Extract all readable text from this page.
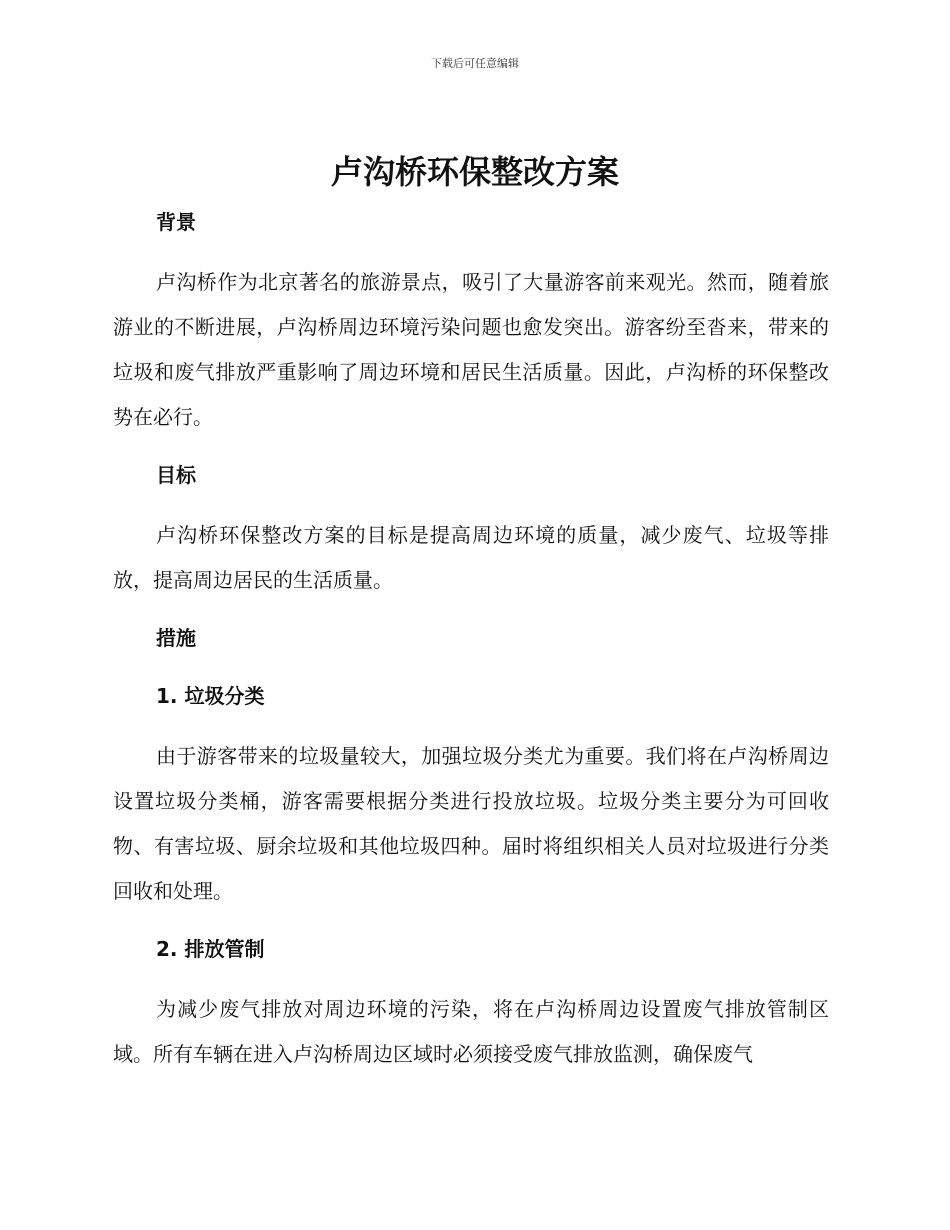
下载后可任意编辑
卢沟桥环保整改方案
背景

卢沟桥作为北京著名的旅游景点，吸引了大量游客前来观光。然而，随着旅游业的不断进展，卢沟桥周边环境污染问题也愈发突出。游客纷至沓来，带来的垃圾和废气排放严重影响了周边环境和居民生活质量。因此，卢沟桥的环保整改势在必行。

目标

卢沟桥环保整改方案的目标是提高周边环境的质量，减少废气、垃圾等排放，提高周边居民的生活质量。

措施
1. 垃圾分类

由于游客带来的垃圾量较大，加强垃圾分类尤为重要。我们将在卢沟桥周边设置垃圾分类桶，游客需要根据分类进行投放垃圾。垃圾分类主要分为可回收物、有害垃圾、厨余垃圾和其他垃圾四种。届时将组织相关人员对垃圾进行分类回收和处理。

2. 排放管制

为减少废气排放对周边环境的污染，将在卢沟桥周边设置废气排放管制区域。所有车辆在进入卢沟桥周边区域时必须接受废气排放监测，确保废气
